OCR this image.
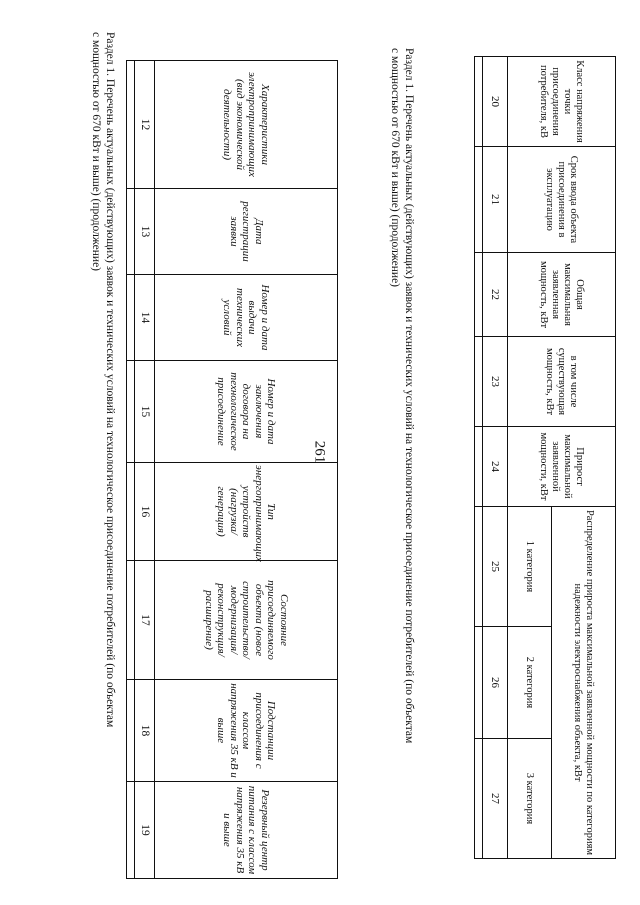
261
Раздел 1. Перечень актуальных (действующих) заявок и технических условий на технологическое присоединение потребителей (по объектам
с мощностью от 670 кВт и выше) (продолжение)	Характеристики электропринимающих (вид экономической деятельности)	Дата регистрации заявки	Номер и дата выдачи технических условий	Номер и дата заключения договора на технологическое присоединение	Тип энергопринимающих устройств (нагрузка/генерация)	Состояние присоединяемого объекта (новое строительство/модернизация/реконструкция/расширение)	Подстанции присоединения с классом напряжения 35 кВ и выше	Резервный центр питания с классом напряжения 35 кВ и выше
12	13	14	15	16	17	18	19

Раздел 1. Перечень актуальных (действующих) заявок и технических условий на технологическое присоединение потребителей (по объектам
с мощностью от 670 кВт и выше) (продолжение)	Класс напряжения точки присоединения потребителя, кВ	Срок ввода объекта присоединения в эксплуатацию	Общая максимальная заявленная мощность, кВт	в том числе существующая мощность, кВт	Прирост максимальной заявленной мощности, кВт	Распределение прироста максимальной заявленной мощности по категориям надежности электроснабжения объекта, кВт		
					1 категория	2 категория	3 категория
20	21	22	23	24	25	26	27
